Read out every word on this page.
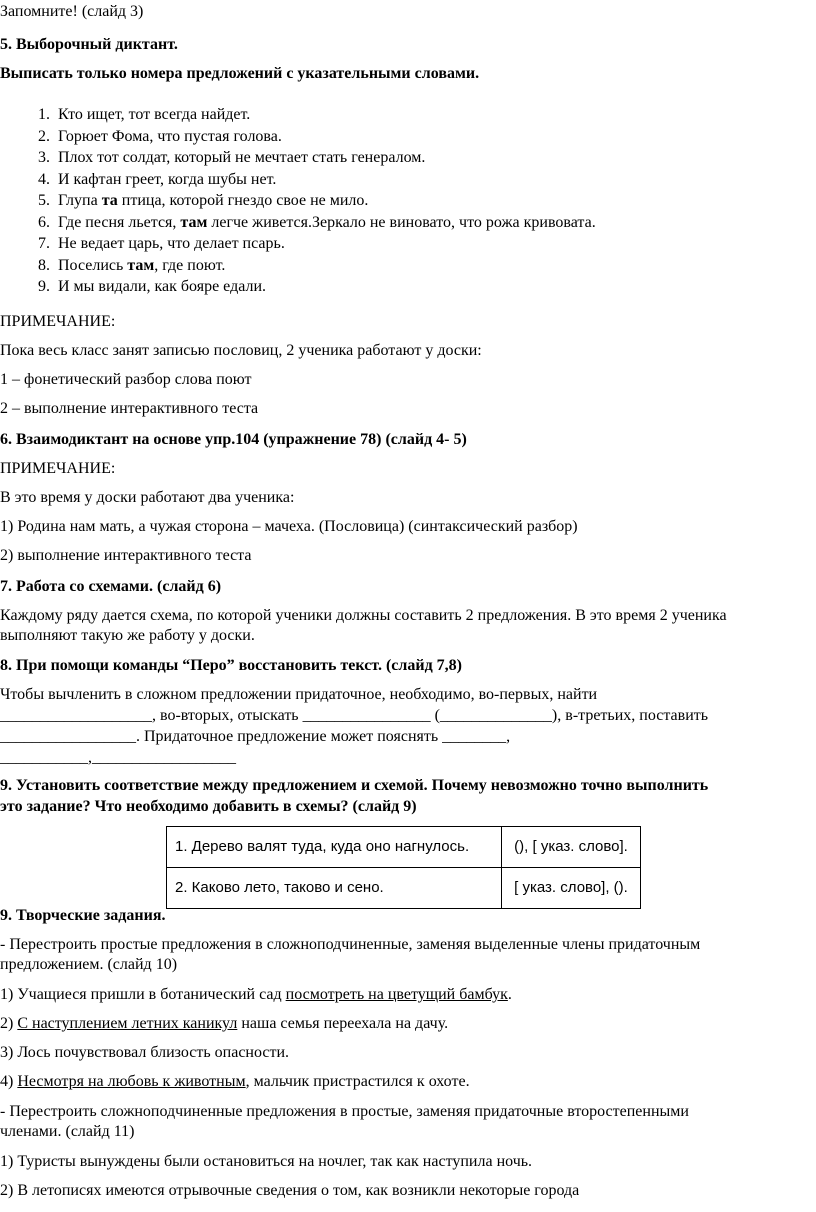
Запомните! (слайд 3)
5. Выборочный диктант.
Выписать только номера предложений с указательными словами.
1. Кто ищет, тот всегда найдет.
2. Горюет Фома, что пустая голова.
3. Плох тот солдат, который не мечтает стать генералом.
4. И кафтан греет, когда шубы нет.
5. Глупа та птица, которой гнездо свое не мило.
6. Где песня льется, там легче живется.Зеркало не виновато, что рожа кривовата.
7. Не ведает царь, что делает псарь.
8. Поселись там, где поют.
9. И мы видали, как бояре едали.
ПРИМЕЧАНИЕ:
Пока весь класс занят записью пословиц, 2 ученика работают у доски:
1 – фонетический разбор слова поют
2 – выполнение интерактивного теста
6. Взаимодиктант на основе упр.104 (упражнение 78) (слайд 4- 5)
ПРИМЕЧАНИЕ:
В это время у доски работают два ученика:
1) Родина нам мать, а чужая сторона – мачеха. (Пословица) (синтаксический разбор)
2) выполнение интерактивного теста
7. Работа со схемами. (слайд 6)
Каждому ряду дается схема, по которой ученики должны составить 2 предложения. В это время 2 ученика
выполняют такую же работу у доски.
8. При помощи команды “Перо” восстановить текст. (слайд 7,8)
Чтобы вычленить в сложном предложении придаточное, необходимо, во-первых, найти
___________________, во-вторых, отыскать ________________ (______________), в-третьих, поставить
_________________. Придаточное предложение может пояснять ________,
___________,__________________
9. Установить соответствие между предложением и схемой. Почему невозможно точно выполнить
это задание? Что необходимо добавить в схемы? (слайд 9)
1. Дерево валят туда, куда оно нагнулось.	(), [ указ. слово].
2. Каково лето, таково и сено.	[ указ. слово], ().
9. Творческие задания.
- Перестроить простые предложения в сложноподчиненные, заменяя выделенные члены придаточным
предложением. (слайд 10)
1) Учащиеся пришли в ботанический сад посмотреть на цветущий бамбук.
2) С наступлением летних каникул наша семья переехала на дачу.
3) Лось почувствовал близость опасности.
4) Несмотря на любовь к животным, мальчик пристрастился к охоте.
- Перестроить сложноподчиненные предложения в простые, заменяя придаточные второстепенными
членами. (слайд 11)
1) Туристы вынуждены были остановиться на ночлег, так как наступила ночь.
2) В летописях имеются отрывочные сведения о том, как возникли некоторые города
